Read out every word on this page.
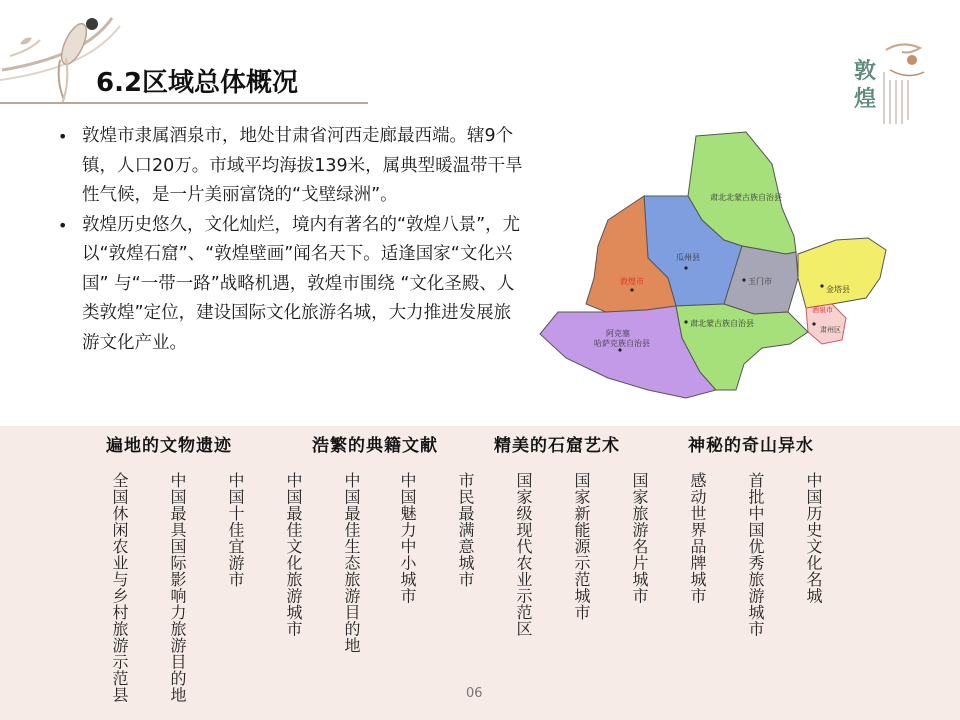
6.2区域总体概况	敦
煌
• 敦煌市隶属酒泉市，地处甘肃省河西走廊最西端。辖9个镇，人口20万。市域平均海拔139米，属典型暖温带干旱性气候，是一片美丽富饶的“戈壁绿洲”。
• 敦煌历史悠久，文化灿烂，境内有著名的“敦煌八景”，尤以“敦煌石窟”、“敦煌壁画”闻名天下。适逢国家“文化兴国” 与“一带一路”战略机遇，敦煌市围绕 “文化圣殿、人类敦煌”定位，建设国际文化旅游名城，大力推进发展旅游文化产业。
肃北北蒙古族自治县
瓜州县
玉门市
金塔县
敦煌市
酒泉市
肃州区
阿克塞
哈萨克族自治县
肃北蒙古族自治县
遍地的文物遗迹	浩繁的典籍文献	精美的石窟艺术	神秘的奇山异水
全国休闲农业与乡村旅游示范县 中国最具国际影响力旅游目的地 中国十佳宜游市 中国最佳文化旅游城市 中国最佳生态旅游目的地 中国魅力中小城市 市民最满意城市 国家级现代农业示范区 国家新能源示范城市 国家旅游名片城市 感动世界品牌城市 首批中国优秀旅游城市 中国历史文化名城
06
